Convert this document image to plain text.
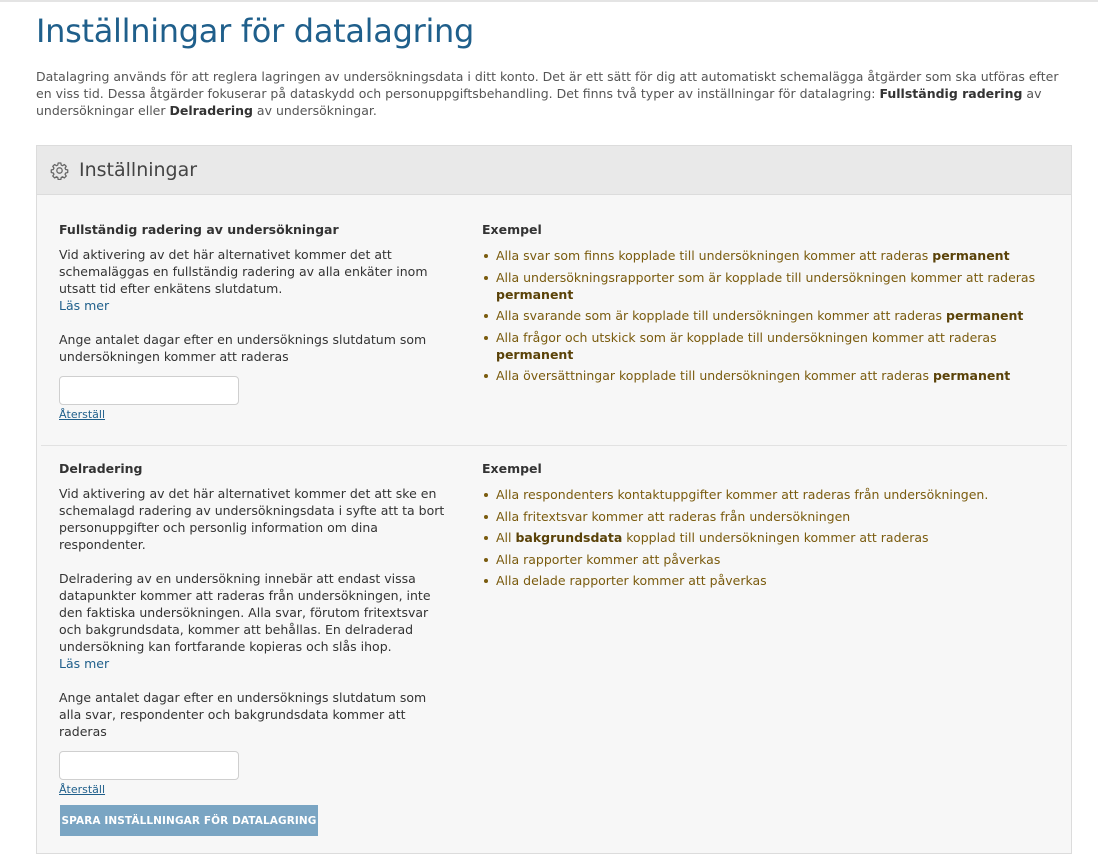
Inställningar för datalagring

Datalagring används för att reglera lagringen av undersökningsdata i ditt konto. Det är ett sätt för dig att automatiskt schemalägga åtgärder som ska utföras efter en viss tid. Dessa åtgärder fokuserar på dataskydd och personuppgiftsbehandling. Det finns två typer av inställningar för datalagring: Fullständig radering av undersökningar eller Delradering av undersökningar.

Inställningar
Fullständig radering av undersökningar

Vid aktivering av det här alternativet kommer det att schemaläggas en fullständig radering av alla enkäter inom utsatt tid efter enkätens slutdatum.

Läs mer

Ange antalet dagar efter en undersöknings slutdatum som undersökningen kommer att raderas

Återställ
Exempel
Alla svar som finns kopplade till undersökningen kommer att raderas permanent
Alla undersökningsrapporter som är kopplade till undersökningen kommer att raderas permanent
Alla svarande som är kopplade till undersökningen kommer att raderas permanent
Alla frågor och utskick som är kopplade till undersökningen kommer att raderas permanent
Alla översättningar kopplade till undersökningen kommer att raderas permanent
Delradering

Vid aktivering av det här alternativet kommer det att ske en schemalagd radering av undersökningsdata i syfte att ta bort personuppgifter och personlig information om dina respondenter.

Delradering av en undersökning innebär att endast vissa datapunkter kommer att raderas från undersökningen, inte den faktiska undersökningen. Alla svar, förutom fritextsvar och bakgrundsdata, kommer att behållas. En delraderad undersökning kan fortfarande kopieras och slås ihop.

Läs mer

Ange antalet dagar efter en undersöknings slutdatum som alla svar, respondenter och bakgrundsdata kommer att raderas

Återställ
Exempel
Alla respondenters kontaktuppgifter kommer att raderas från undersökningen.
Alla fritextsvar kommer att raderas från undersökningen
All bakgrundsdata kopplad till undersökningen kommer att raderas
Alla rapporter kommer att påverkas
Alla delade rapporter kommer att påverkas
SPARA INSTÄLLNINGAR FÖR DATALAGRING
